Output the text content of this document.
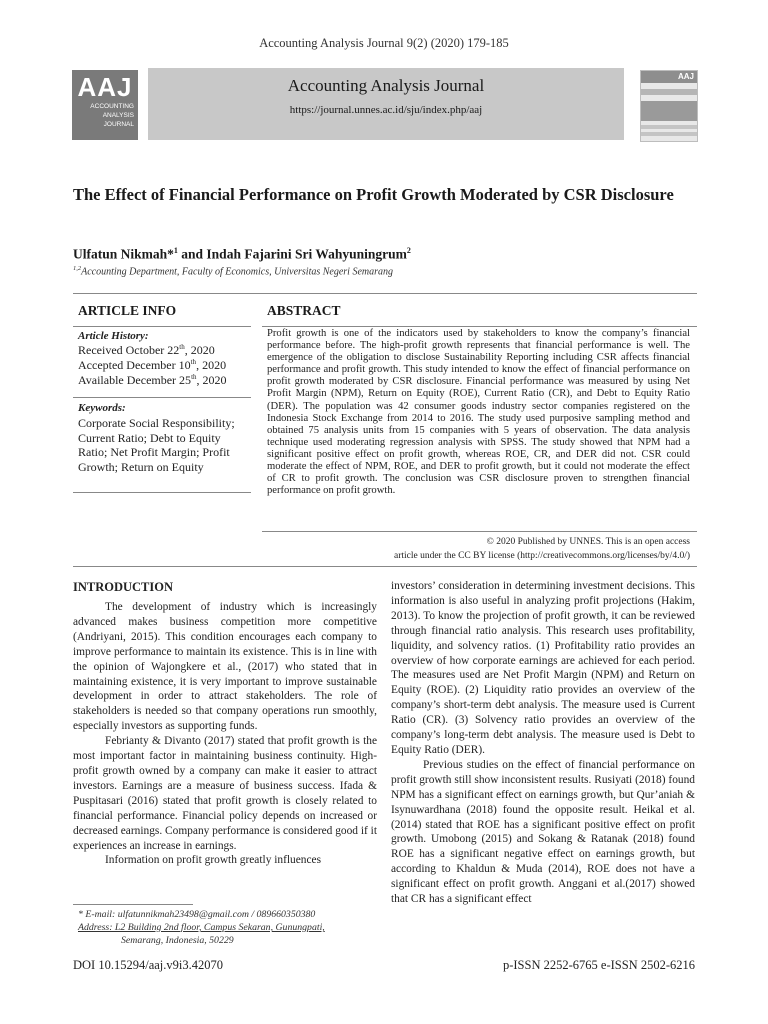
Accounting Analysis Journal 9(2) (2020) 179-185
AAJ
ACCOUNTING
ANALYSIS
JOURNAL
Accounting Analysis Journal
https://journal.unnes.ac.id/sju/index.php/aaj
AAJ
The Effect of Financial Performance on Profit Growth Moderated by CSR Disclosure
Ulfatun Nikmah*$^1$ and Indah Fajarini Sri Wahyuningrum$^2$
$^{1,2}$Accounting Department, Faculty of Economics, Universitas Negeri Semarang
ARTICLE INFO
Article History:
Received October 22th, 2020
Accepted December 10th, 2020
Available December 25th, 2020
Keywords:
Corporate Social Responsibility; Current Ratio; Debt to Equity Ratio; Net Profit Margin; Profit Growth; Return on Equity
ABSTRACT
Profit growth is one of the indicators used by stakeholders to know the company’s financial performance before. The high-profit growth represents that financial performance is well. The emergence of the obligation to disclose Sustainability Reporting including CSR affects financial performance and profit growth. This study intended to know the effect of financial performance on profit growth moderated by CSR disclosure. Financial performance was measured by using Net Profit Margin (NPM), Return on Equity (ROE), Current Ratio (CR), and Debt to Equity Ratio (DER). The population was 42 consumer goods industry sector companies registered on the Indonesia Stock Exchange from 2014 to 2016. The study used purposive sampling method and obtained 75 analysis units from 15 companies with 5 years of observation. The data analysis technique used moderating regression analysis with SPSS. The study showed that NPM had a significant positive effect on profit growth, whereas ROE, CR, and DER did not. CSR could moderate the effect of NPM, ROE, and DER to profit growth, but it could not moderate the effect of CR to profit growth. The conclusion was CSR disclosure proven to strengthen financial performance on profit growth.
© 2020 Published by UNNES. This is an open access
article under the CC BY license (http://creativecommons.org/licenses/by/4.0/)
INTRODUCTION

The development of industry which is increasingly advanced makes business competition more competitive (Andriyani, 2015). This condition encourages each company to improve performance to maintain its existence. This is in line with the opinion of Wajongkere et al., (2017) who stated that in maintaining existence, it is very important to improve sustainable development in order to attract stakeholders. The role of stakeholders is needed so that company operations run smoothly, especially investors as supporting funds.

Febrianty & Divanto (2017) stated that profit growth is the most important factor in maintaining business continuity. High-profit growth owned by a company can make it easier to attract investors. Earnings are a measure of business success. Ifada & Puspitasari (2016) stated that profit growth is closely related to financial performance. Financial policy depends on increased or decreased earnings. Company performance is considered good if it experiences an increase in earnings.

Information on profit growth greatly influences

investors’ consideration in determining investment decisions. This information is also useful in analyzing profit projections (Hakim, 2013). To know the projection of profit growth, it can be reviewed through financial ratio analysis. This research uses profitability, liquidity, and solvency ratios. (1) Profitability ratio provides an overview of how corporate earnings are achieved for each period. The measures used are Net Profit Margin (NPM) and Return on Equity (ROE). (2) Liquidity ratio provides an overview of the company’s short-term debt analysis. The measure used is Current Ratio (CR). (3) Solvency ratio provides an overview of the company’s long-term debt analysis. The measure used is Debt to Equity Ratio (DER).

Previous studies on the effect of financial performance on profit growth still show inconsistent results. Rusiyati (2018) found NPM has a significant effect on earnings growth, but Qur’aniah & Isynuwardhana (2018) found the opposite result. Heikal et al. (2014) stated that ROE has a significant positive effect on profit growth. Umobong (2015) and Sokang & Ratanak (2018) found ROE has a significant negative effect on earnings growth, but according to Khaldun & Muda (2014), ROE does not have a significant effect on profit growth. Anggani et al.(2017) showed that CR has a significant effect

* E-mail: ulfatunnikmah23498@gmail.com / 089660350380
Address: L2 Building 2nd floor, Campus Sekaran, Gunungpati,
Semarang, Indonesia, 50229
DOI 10.15294/aaj.v9i3.42070	p-ISSN 2252-6765 e-ISSN 2502-6216
